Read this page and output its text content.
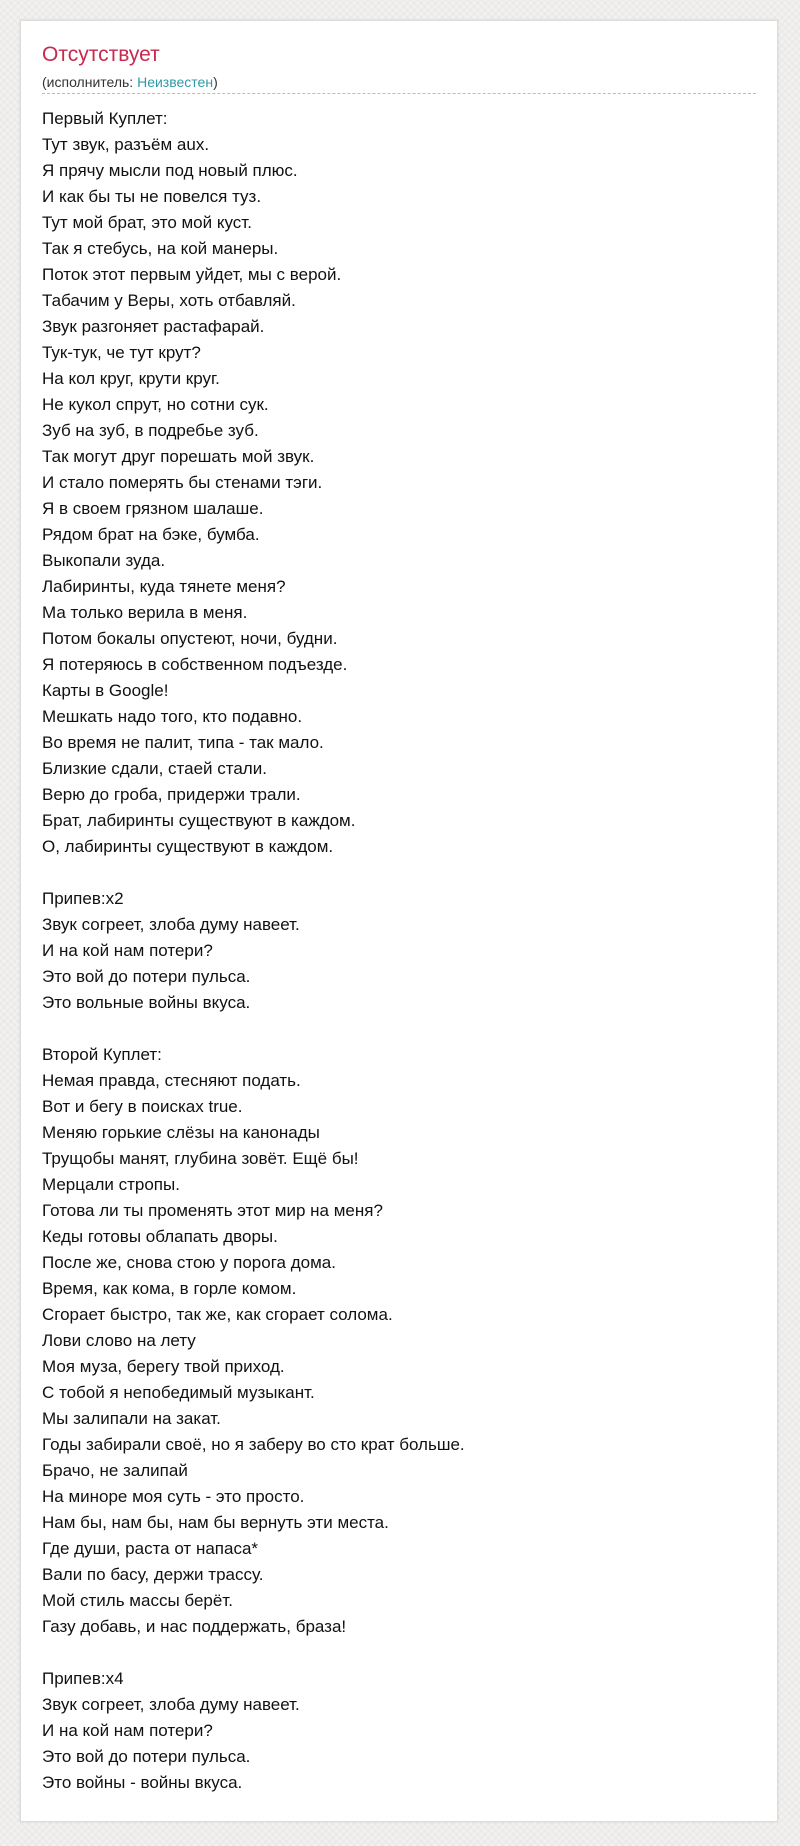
Отсутствует
(исполнитель: Неизвестен)
Первый Куплет:
Тут звук, разъём aux.
Я прячу мысли под новый плюс.
И как бы ты не повелся туз.
Тут мой брат, это мой куст.
Так я стебусь, на кой манеры.
Поток этот первым уйдет, мы с верой.
Табачим у Веры, хоть отбавляй.
Звук разгоняет растафарай.
Тук-тук, че тут крут?
На кол круг, крути круг.
Не кукол спрут, но сотни сук.
Зуб на зуб, в подребье зуб.
Так могут друг порешать мой звук.
И стало померять бы стенами тэги.
Я в своем грязном шалаше.
Рядом брат на бэке, бумба.
Выкопали зуда.
Лабиринты, куда тянете меня?
Ма только верила в меня.
Потом бокалы опустеют, ночи, будни.
Я потеряюсь в собственном подъезде.
Карты в Google!
Мешкать надо того, кто подавно.
Во время не палит, типа - так мало.
Близкие сдали, стаей стали.
Верю до гроба, придержи трали.
Брат, лабиринты существуют в каждом.
О, лабиринты существуют в каждом.
Припев:x2
Звук согреет, злоба думу навеет.
И на кой нам потери?
Это вой до потери пульса.
Это вольные войны вкуса.
Второй Куплет:
Немая правда, стесняют подать.
Вот и бегу в поисках true.
Меняю горькие слёзы на канонады
Трущобы манят, глубина зовёт. Ещё бы!
Мерцали стропы.
Готова ли ты променять этот мир на меня?
Кеды готовы облапать дворы.
После же, снова стою у порога дома.
Время, как кома, в горле комом.
Сгорает быстро, так же, как сгорает солома.
Лови слово на лету
Моя муза, берегу твой приход.
С тобой я непобедимый музыкант.
Мы залипали на закат.
Годы забирали своё, но я заберу во сто крат больше.
Брачо, не залипай
На миноре моя суть - это просто.
Нам бы, нам бы, нам бы вернуть эти места.
Где души, раста от напаса*
Вали по басу, держи трассу.
Мой стиль массы берёт.
Газу добавь, и нас поддержать, браза!
Припев:x4
Звук согреет, злоба думу навеет.
И на кой нам потери?
Это вой до потери пульса.
Это войны - войны вкуса.
